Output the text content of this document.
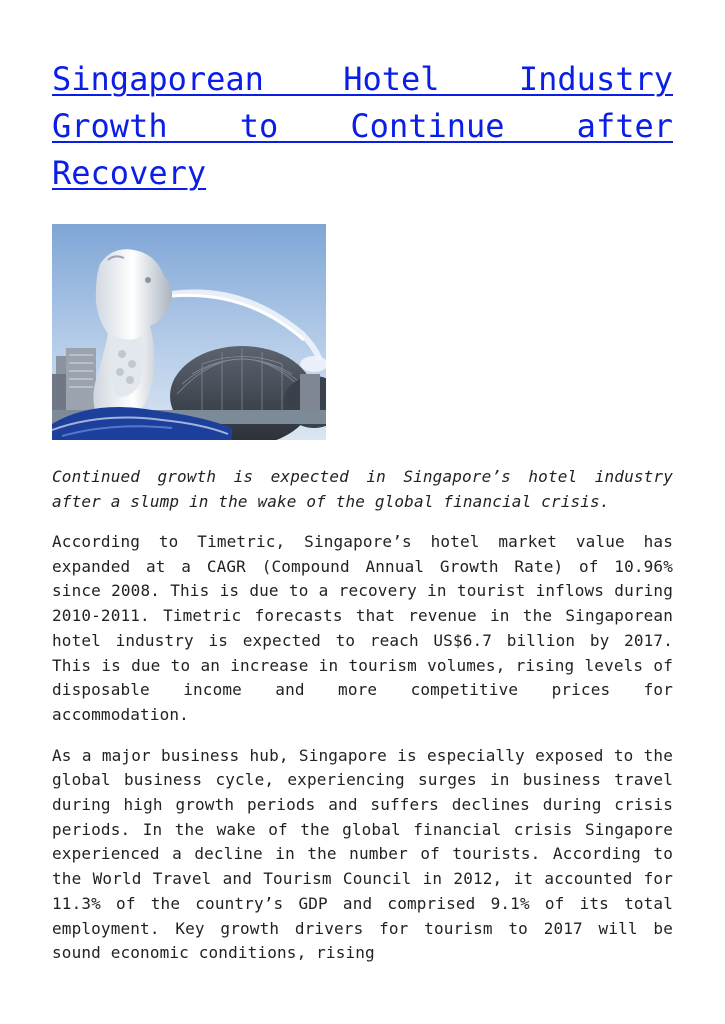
Singaporean Hotel Industry Growth to Continue after Recovery

Continued growth is expected in Singapore’s hotel industry after a slump in the wake of the global financial crisis.

According to Timetric, Singapore’s hotel market value has expanded at a CAGR (Compound Annual Growth Rate) of 10.96% since 2008. This is due to a recovery in tourist inflows during 2010-2011. Timetric forecasts that revenue in the Singaporean hotel industry is expected to reach US$6.7 billion by 2017. This is due to an increase in tourism volumes, rising levels of disposable income and more competitive prices for accommodation.

As a major business hub, Singapore is especially exposed to the global business cycle, experiencing surges in business travel during high growth periods and suffers declines during crisis periods. In the wake of the global financial crisis Singapore experienced a decline in the number of tourists. According to the World Travel and Tourism Council in 2012, it accounted for 11.3% of the country’s GDP and comprised 9.1% of its total employment. Key growth drivers for tourism to 2017 will be sound economic conditions, rising
